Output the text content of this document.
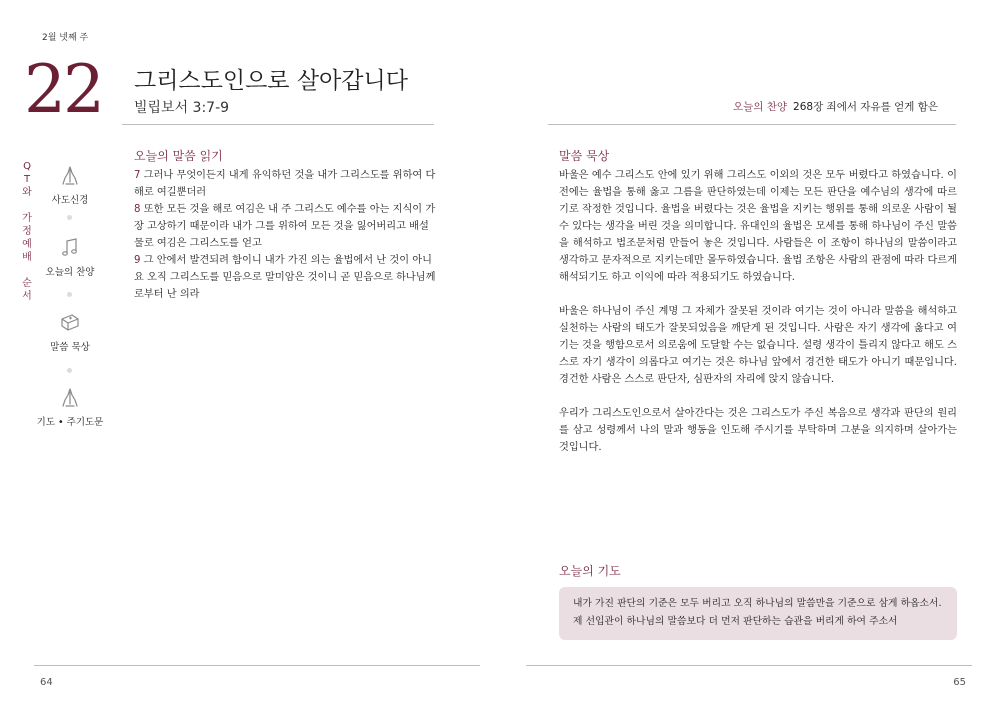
2월 넷째 주
22 그리스도인으로 살아갑니다
빌립보서 3:7-9	오늘의 찬양 268장 죄에서 자유를 얻게 함은
Q
T
와
가
정
예
배
순
서
사도신경
오늘의 찬양
말씀 묵상
기도 • 주기도문
오늘의 말씀 읽기

7 그러나 무엇이든지 내게 유익하던 것을 내가 그리스도를 위하여 다 해로 여길뿐더러

8 또한 모든 것을 해로 여김은 내 주 그리스도 예수를 아는 지식이 가장 고상하기 때문이라 내가 그를 위하여 모든 것을 잃어버리고 배설물로 여김은 그리스도를 얻고

9 그 안에서 발견되려 함이니 내가 가진 의는 율법에서 난 것이 아니요 오직 그리스도를 믿음으로 말미암은 것이니 곧 믿음으로 하나님께로부터 난 의라

말씀 묵상

바울은 예수 그리스도 안에 있기 위해 그리스도 이외의 것은 모두 버렸다고 하였습니다. 이전에는 율법을 통해 옳고 그름을 판단하였는데 이제는 모든 판단을 예수님의 생각에 따르기로 작정한 것입니다. 율법을 버렸다는 것은 율법을 지키는 행위를 통해 의로운 사람이 될 수 있다는 생각을 버린 것을 의미합니다. 유대인의 율법은 모세를 통해 하나님이 주신 말씀을 해석하고 법조문처럼 만들어 놓은 것입니다. 사람들은 이 조항이 하나님의 말씀이라고 생각하고 문자적으로 지키는데만 몰두하였습니다. 율법 조항은 사람의 관점에 따라 다르게 해석되기도 하고 이익에 따라 적용되기도 하였습니다.

바울은 하나님이 주신 계명 그 자체가 잘못된 것이라 여기는 것이 아니라 말씀을 해석하고 실천하는 사람의 태도가 잘못되었음을 깨닫게 된 것입니다. 사람은 자기 생각에 옳다고 여기는 것을 행함으로서 의로움에 도달할 수는 없습니다. 설령 생각이 틀리지 않다고 해도 스스로 자기 생각이 의롭다고 여기는 것은 하나님 앞에서 경건한 태도가 아니기 때문입니다. 경건한 사람은 스스로 판단자, 심판자의 자리에 앉지 않습니다.

우리가 그리스도인으로서 살아간다는 것은 그리스도가 주신 복음으로 생각과 판단의 원리를 삼고 성령께서 나의 말과 행동을 인도해 주시기를 부탁하며 그분을 의지하며 살아가는 것입니다.

오늘의 기도

내가 가진 판단의 기준은 모두 버리고 오직 하나님의 말씀만을 기준으로 삼게 하옵소서.

제 선입관이 하나님의 말씀보다 더 먼저 판단하는 습관을 버리게 하여 주소서

64	65
